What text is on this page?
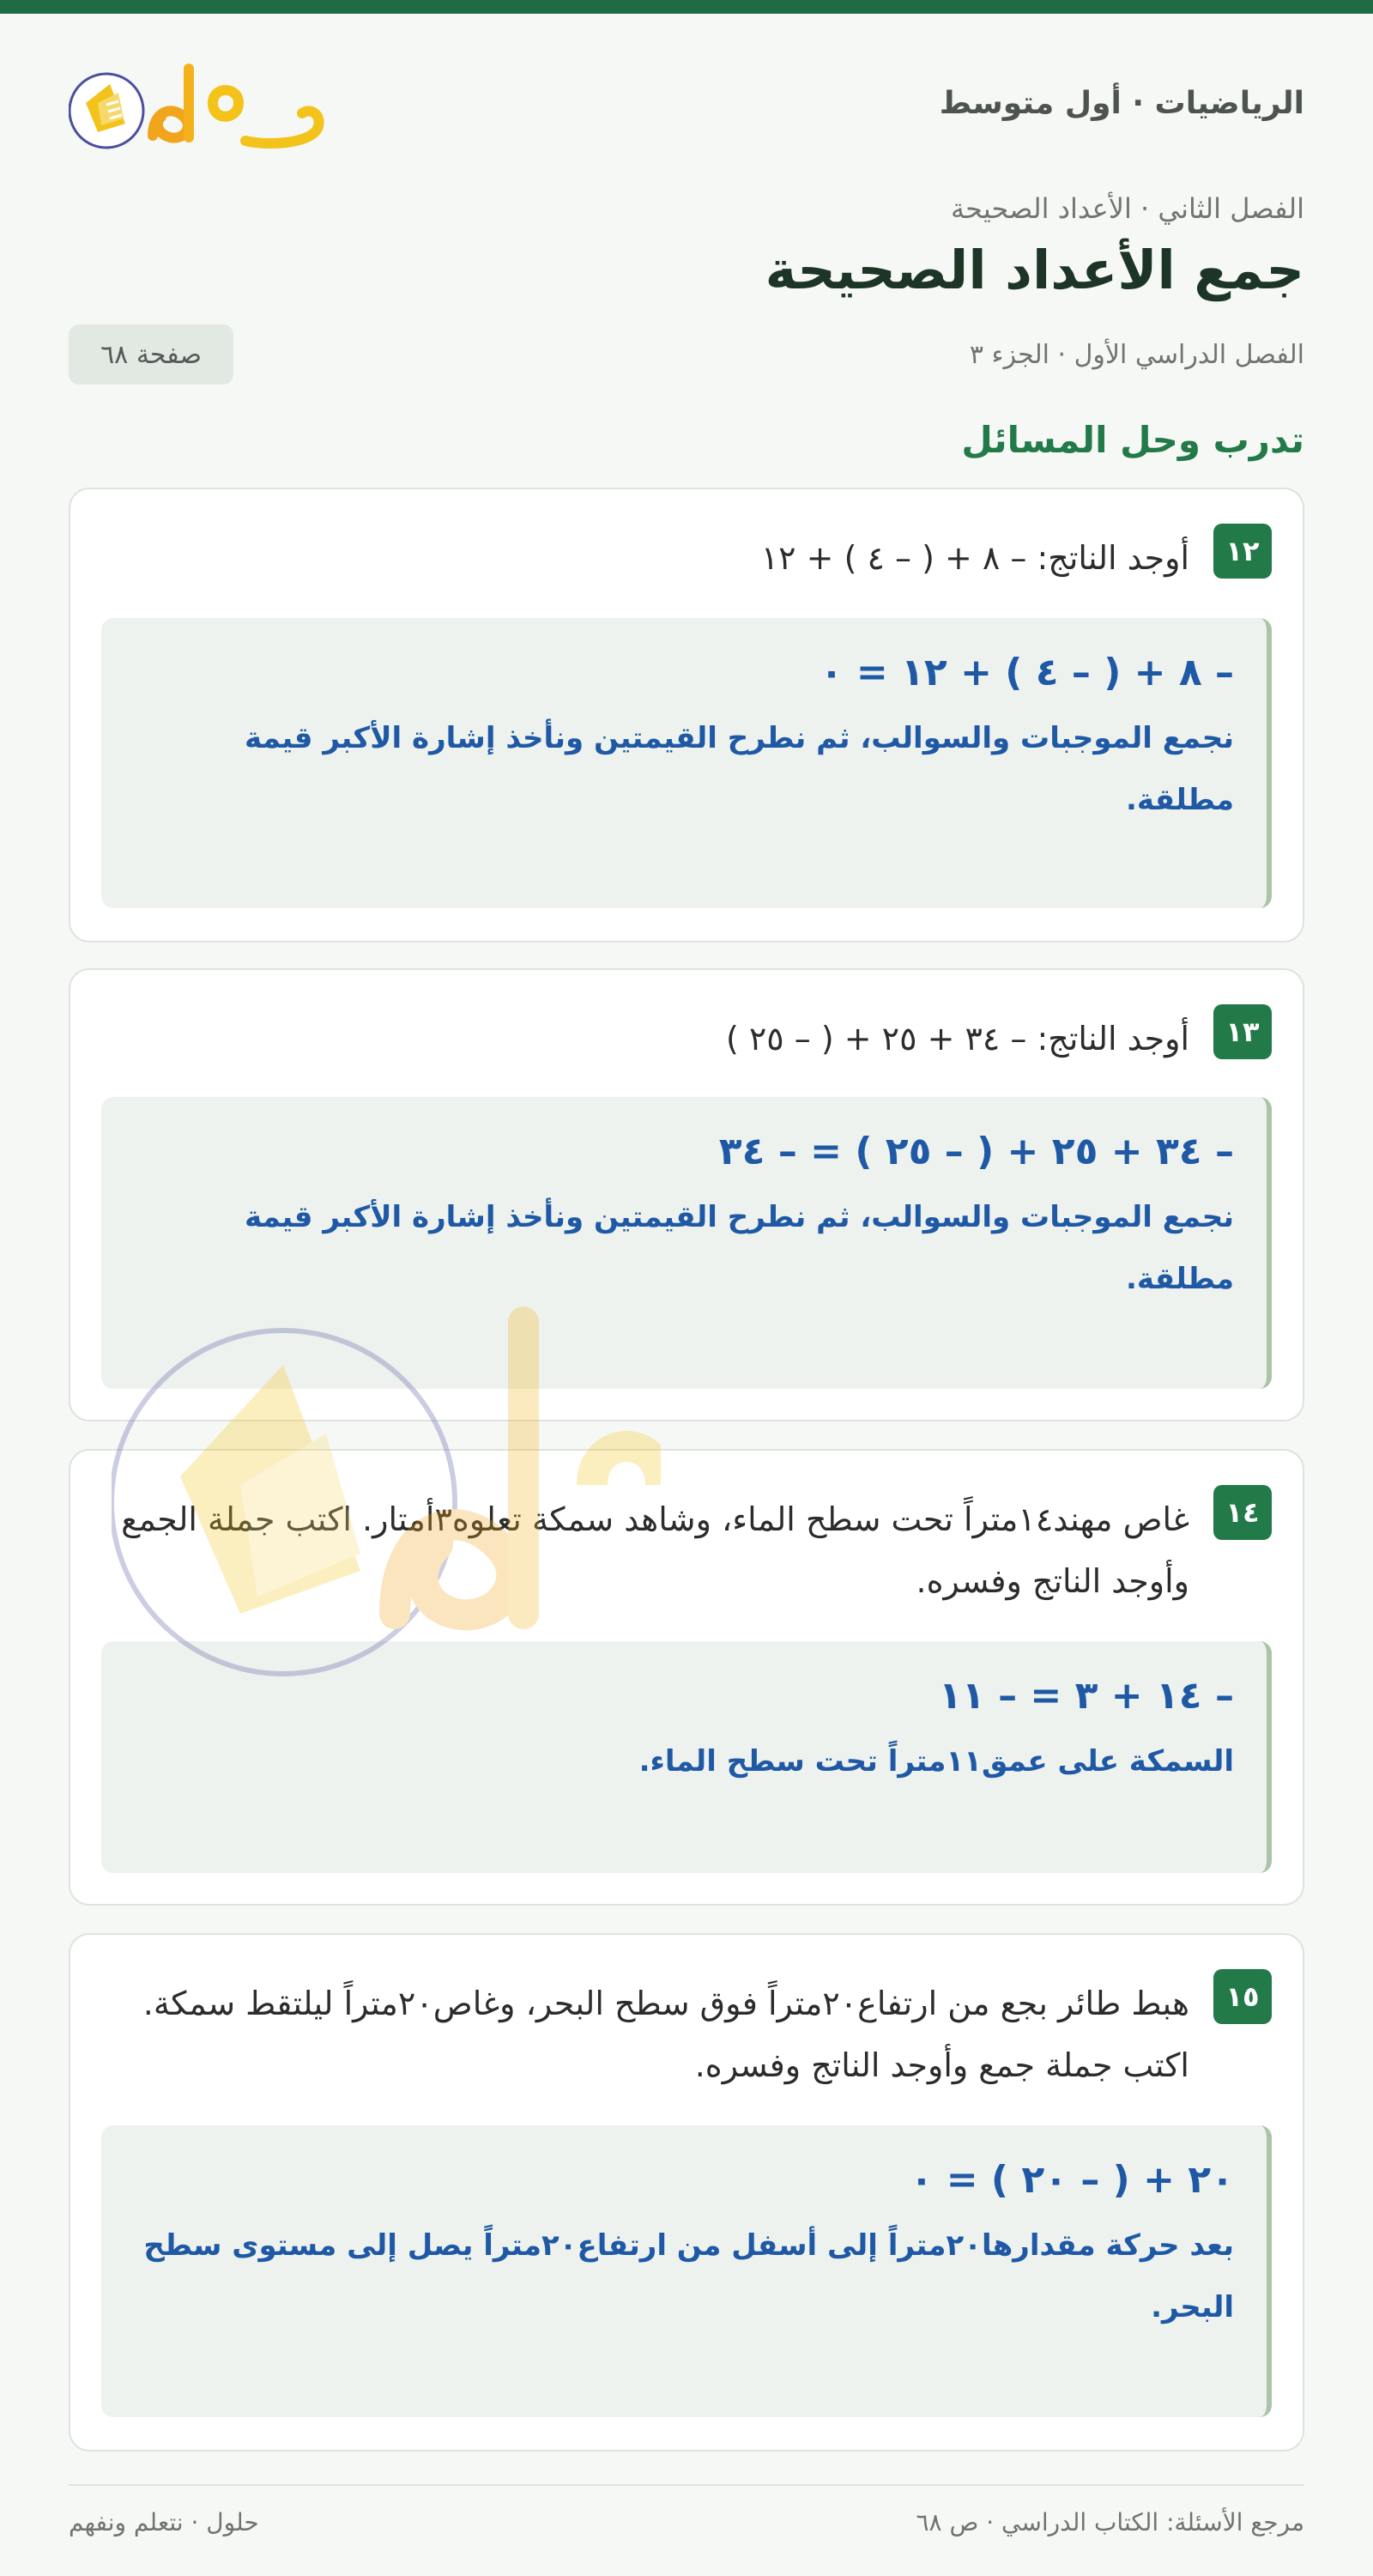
الرياضيات · أول متوسط
الفصل الثاني · الأعداد الصحيحة
جمع الأعداد الصحيحة
الفصل الدراسي الأول · الجزء ٣
صفحة ٦٨
تدرب وحل المسائل
١٢
أوجد الناتج: – ٨ + ( – ٤ ) + ١٢
– ٨ + ( – ٤ ) + ١٢ = ٠
نجمع الموجبات والسوالب، ثم نطرح القيمتين ونأخذ إشارة الأكبر قيمة مطلقة.
١٣
أوجد الناتج: – ٣٤ + ٢٥ + ( – ٢٥ )
– ٣٤ + ٢٥ + ( – ٢٥ ) = – ٣٤
نجمع الموجبات والسوالب، ثم نطرح القيمتين ونأخذ إشارة الأكبر قيمة مطلقة.
١٤
غاص مهند١٤متراً تحت سطح الماء، وشاهد سمكة تعلوه٣أمتار. اكتب جملة الجمع وأوجد الناتج وفسره.
– ١٤ + ٣ = – ١١
السمكة على عمق١١متراً تحت سطح الماء.
١٥
هبط طائر بجع من ارتفاع٢٠متراً فوق سطح البحر، وغاص٢٠متراً ليلتقط سمكة. اكتب جملة جمع وأوجد الناتج وفسره.
٢٠ + ( – ٢٠ ) = ٠
بعد حركة مقدارها٢٠متراً إلى أسفل من ارتفاع٢٠متراً يصل إلى مستوى سطح البحر.
مرجع الأسئلة: الكتاب الدراسي · ص ٦٨
حلول · نتعلم ونفهم
